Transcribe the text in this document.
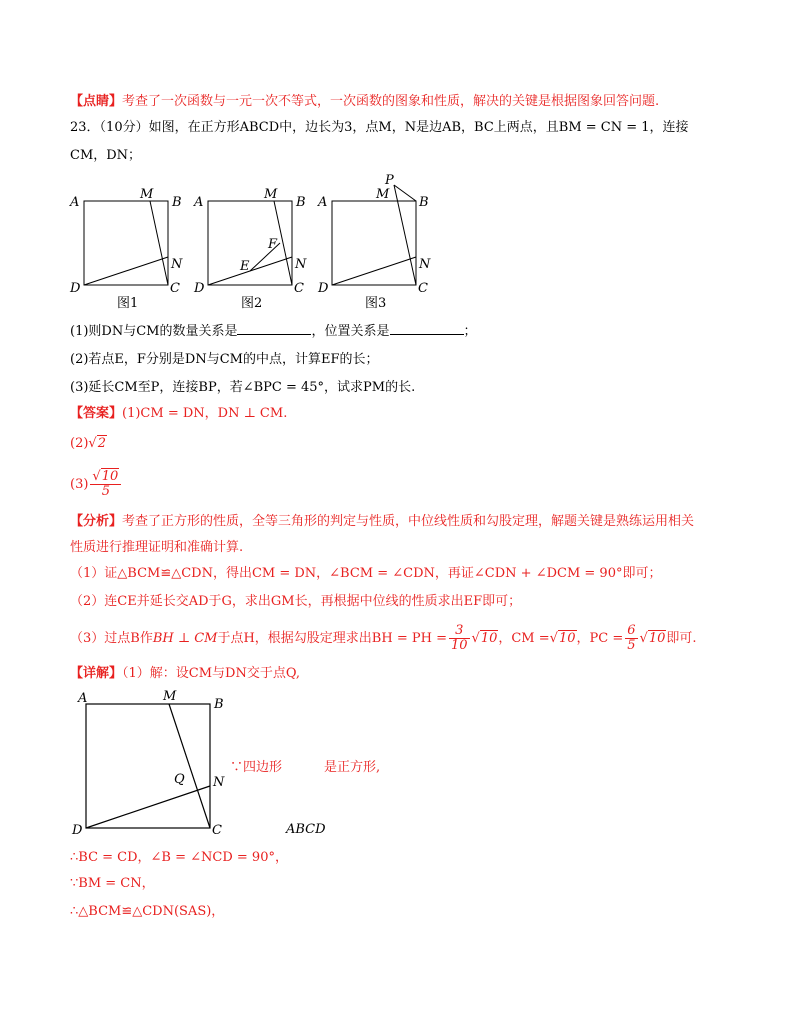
【点睛】考查了一次函数与一元一次不等式，一次函数的图象和性质，解决的关键是根据图象回答问题.
23．（10分）如图，在正方形ABCD中，边长为3，点M，N是边AB，BC上两点，且BM = CN = 1，连接
CM，DN；
A
M
B
N
D	C
图1
A
M
B
F
E	N
D	C
图2
A
P
M
B
N
D	C
图3
(1)则DN与CM的数量关系是	，位置关系是	；
(2)若点E，F分别是DN与CM的中点，计算EF的长；
(3)延长CM至P，连接BP，若∠BPC = 45°，试求PM的长.
【答案】(1)CM = DN，DN ⊥ CM.
(2)√2
$(3) \frac{√10}{5}$
【分析】考查了正方形的性质，全等三角形的判定与性质，中位线性质和勾股定理，解题关键是熟练运用相关
性质进行推理证明和准确计算.
（1）证△BCM≌△CDN，得出CM = DN，∠BCM = ∠CDN，再证∠CDN + ∠DCM = 90°即可；
（2）连CE并延长交AD于G，求出GM长，再根据中位线的性质求出EF即可；
（3）过点B作BH ⊥ CM于点H，根据勾股定理求出BH = PH = $\frac{3}{10} √10$，CM =√10，PC = $\frac{6}{5} √10$即可.
【详解】（1）解：设CM与DN交于点Q,
A	M
B
Q N
D	C
∵四边形	是正方形,
ABCD
∴BC = CD，∠B = ∠NCD = 90°，
∵BM = CN，
∴△BCM≌△CDN(SAS)，
